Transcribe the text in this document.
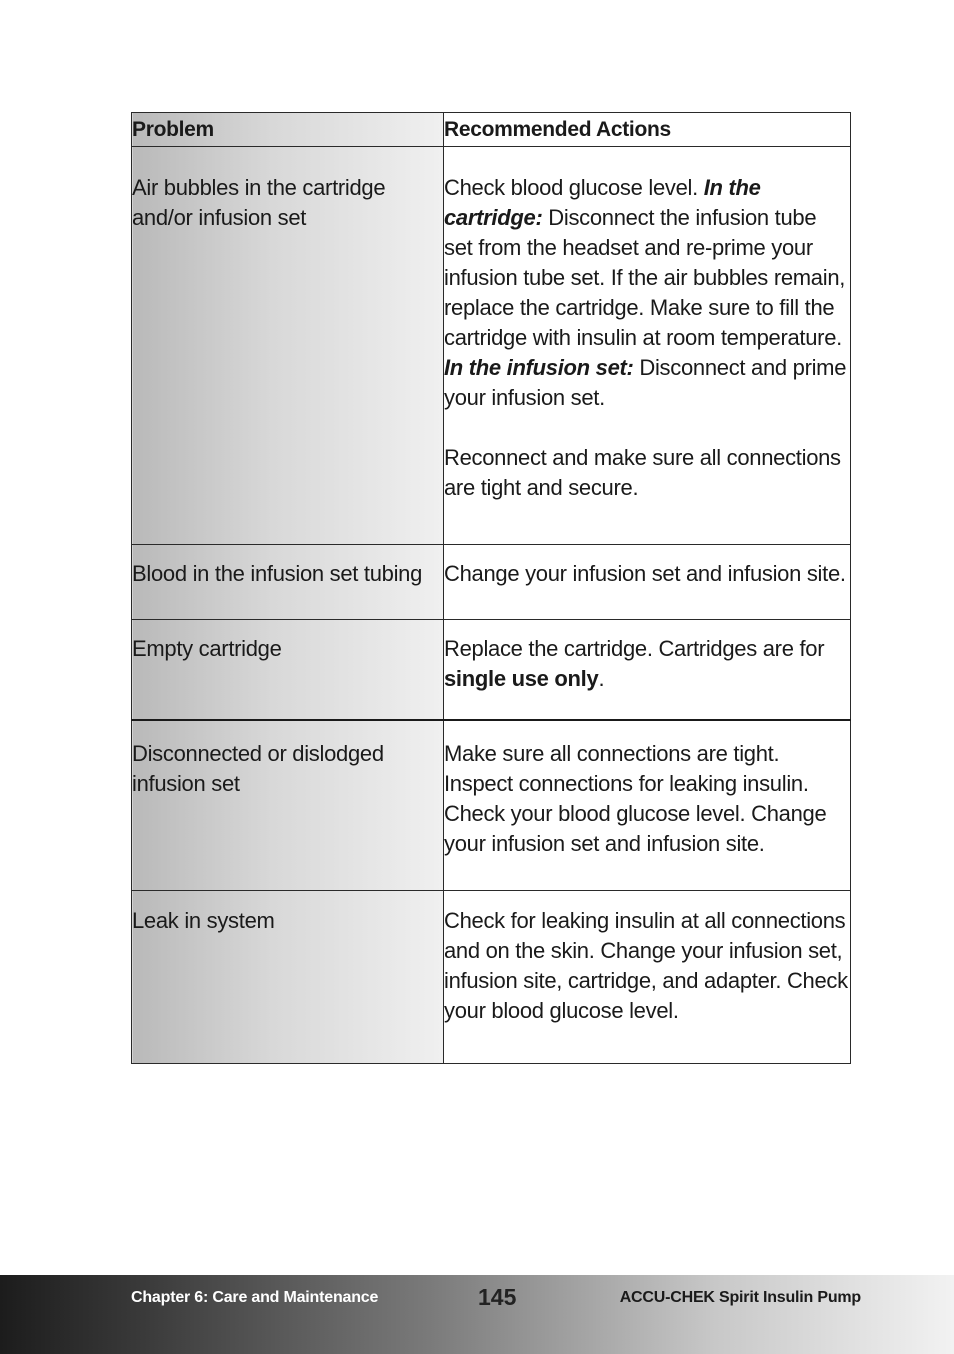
Problem	Recommended Actions
Air bubbles in the cartridge and/or infusion set	Check blood glucose level. In the cartridge: Disconnect the infusion tube set from the headset and re-prime your infusion tube set. If the air bubbles remain, replace the cartridge. Make sure to fill the cartridge with insulin at room temperature. In the infusion set: Disconnect and prime your infusion set.
Reconnect and make sure all connections are tight and secure.
Blood in the infusion set tubing	Change your infusion set and infusion site.
Empty cartridge	Replace the cartridge. Cartridges are for single use only.
Disconnected or dislodged infusion set	Make sure all connections are tight. Inspect connections for leaking insulin. Check your blood glucose level. Change your infusion set and infusion site.
Leak in system	Check for leaking insulin at all connections and on the skin. Change your infusion set, infusion site, cartridge, and adapter. Check your blood glucose level.
Chapter 6: Care and Maintenance	145	ACCU-CHEK Spirit Insulin Pump
